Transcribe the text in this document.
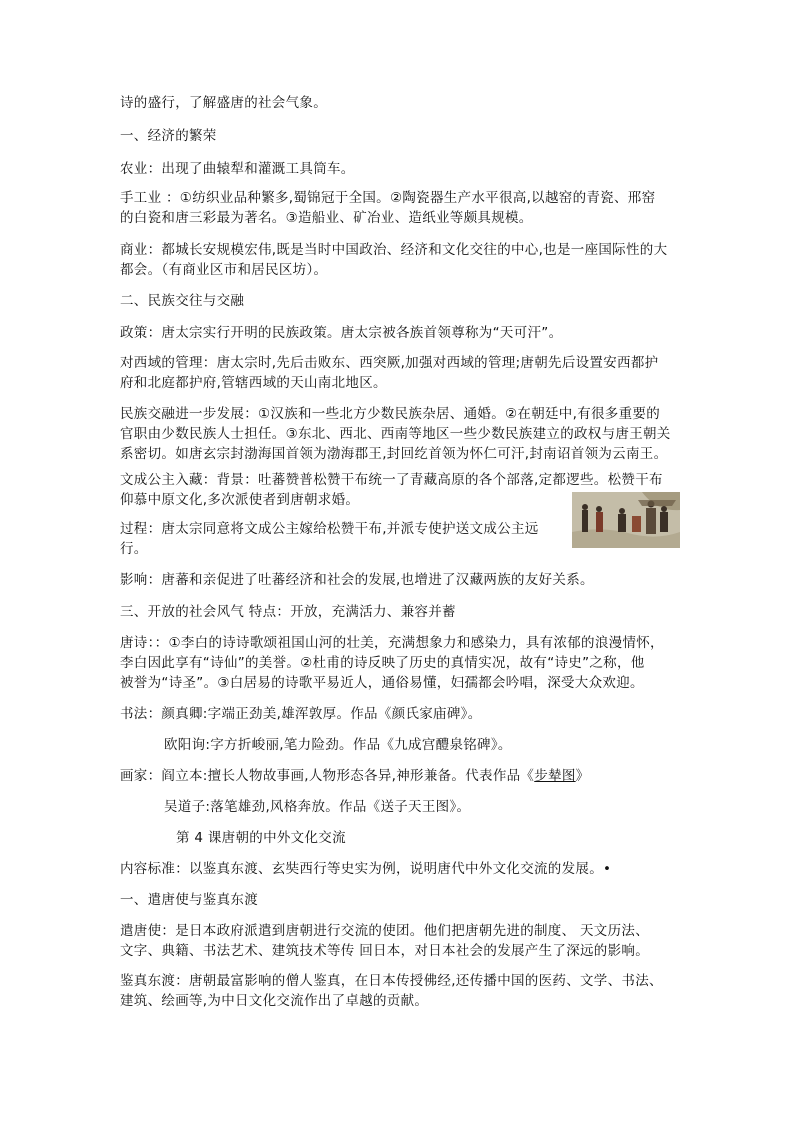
诗的盛行，了解盛唐的社会气象。
一、经济的繁荣
农业：出现了曲辕犁和灌溉工具筒车。
手工业 ：①纺织业品种繁多,蜀锦冠于全国。②陶瓷器生产水平很高,以越窑的青瓷、邢窑
的白瓷和唐三彩最为著名。③造船业、矿冶业、造纸业等颇具规模。
商业：都城长安规模宏伟,既是当时中国政治、经济和文化交往的中心,也是一座国际性的大
都会。（有商业区市和居民区坊）。
二、民族交往与交融
政策：唐太宗实行开明的民族政策。唐太宗被各族首领尊称为“天可汗”。
对西域的管理：唐太宗时,先后击败东、西突厥,加强对西域的管理;唐朝先后设置安西都护
府和北庭都护府,管辖西域的天山南北地区。
民族交融进一步发展：①汉族和一些北方少数民族杂居、通婚。②在朝廷中,有很多重要的
官职由少数民族人士担任。③东北、西北、西南等地区一些少数民族建立的政权与唐王朝关
系密切。如唐玄宗封渤海国首领为渤海郡王,封回纥首领为怀仁可汗,封南诏首领为云南王。
文成公主入藏：背景：吐蕃赞普松赞干布统一了青藏高原的各个部落,定都逻些。松赞干布
仰慕中原文化,多次派使者到唐朝求婚。
过程：唐太宗同意将文成公主嫁给松赞干布,并派专使护送文成公主远
行。
影响：唐蕃和亲促进了吐蕃经济和社会的发展,也增进了汉藏两族的友好关系。
三、开放的社会风气 特点：开放，充满活力、兼容并蓄
唐诗：：①李白的诗诗歌颂祖国山河的壮美，充满想象力和感染力，具有浓郁的浪漫情怀，
李白因此享有“诗仙”的美誉。②杜甫的诗反映了历史的真情实况，故有“诗史”之称，他
被誉为“诗圣”。③白居易的诗歌平易近人，通俗易懂，妇孺都会吟唱，深受大众欢迎。
书法：颜真卿:字端正劲美,雄浑敦厚。作品《颜氏家庙碑》。
欧阳询:字方折峻丽,笔力险劲。作品《九成宫醴泉铭碑》。
画家：阎立本:擅长人物故事画,人物形态各异,神形兼备。代表作品《步辇图》
吴道子:落笔雄劲,风格奔放。作品《送子天王图》。
第 4 课唐朝的中外文化交流
内容标准：以鉴真东渡、玄奘西行等史实为例，说明唐代中外文化交流的发展。•
一、遣唐使与鉴真东渡
遣唐使：是日本政府派遣到唐朝进行交流的使团。他们把唐朝先进的制度、 天文历法、
文字、典籍、书法艺术、建筑技术等传 回日本，对日本社会的发展产生了深远的影响。
鉴真东渡：唐朝最富影响的僧人鉴真，在日本传授佛经,还传播中国的医药、文学、书法、
建筑、绘画等,为中日文化交流作出了卓越的贡献。
